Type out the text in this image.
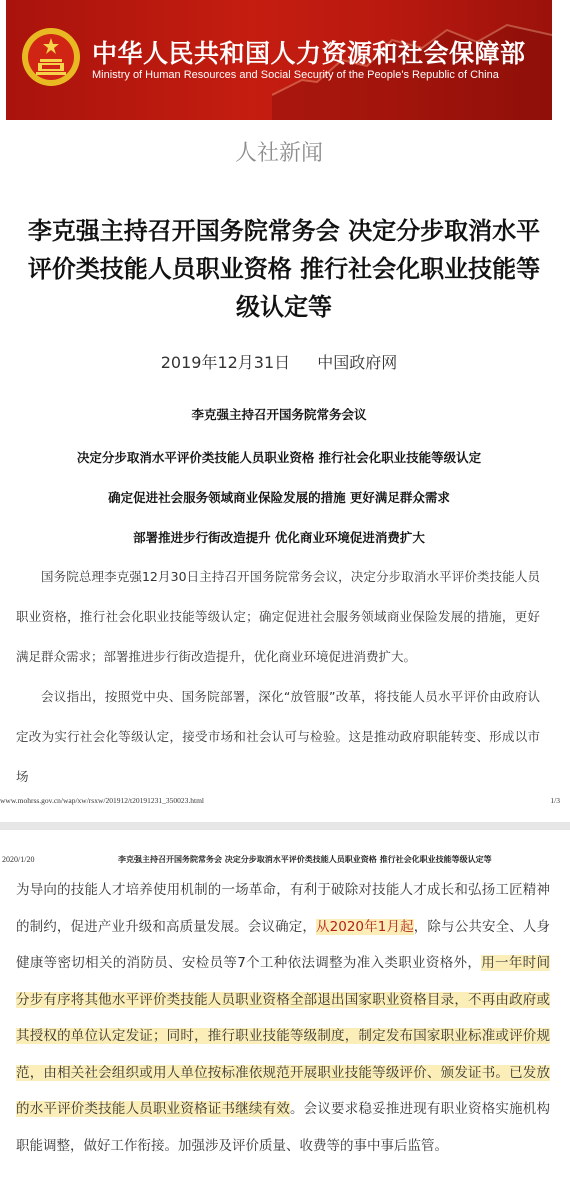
中华人民共和国人力资源和社会保障部
Ministry of Human Resources and Social Security of the People's Republic of China
人社新闻
李克强主持召开国务院常务会 决定分步取消水平评价类技能人员职业资格 推行社会化职业技能等级认定等
2019年12月31日 中国政府网
李克强主持召开国务院常务会议
决定分步取消水平评价类技能人员职业资格 推行社会化职业技能等级认定
确定促进社会服务领域商业保险发展的措施 更好满足群众需求
部署推进步行街改造提升 优化商业环境促进消费扩大
国务院总理李克强12月30日主持召开国务院常务会议，决定分步取消水平评价类技能人员职业资格，推行社会化职业技能等级认定；确定促进社会服务领域商业保险发展的措施，更好满足群众需求；部署推进步行街改造提升，优化商业环境促进消费扩大。
会议指出，按照党中央、国务院部署，深化“放管服”改革，将技能人员水平评价由政府认定改为实行社会化等级认定，接受市场和社会认可与检验。这是推动政府职能转变、形成以市场
www.mohrss.gov.cn/wap/xw/rsxw/201912/t20191231_350023.html	1/3
2020/1/20	李克强主持召开国务院常务会 决定分步取消水平评价类技能人员职业资格 推行社会化职业技能等级认定等
为导向的技能人才培养使用机制的一场革命，有利于破除对技能人才成长和弘扬工匠精神的制约，促进产业升级和高质量发展。会议确定，从2020年1月起，除与公共安全、人身健康等密切相关的消防员、安检员等7个工种依法调整为准入类职业资格外，用一年时间分步有序将其他水平评价类技能人员职业资格全部退出国家职业资格目录，不再由政府或其授权的单位认定发证；同时，推行职业技能等级制度，制定发布国家职业标准或评价规范，由相关社会组织或用人单位按标准依规范开展职业技能等级评价、颁发证书。已发放的水平评价类技能人员职业资格证书继续有效。会议要求稳妥推进现有职业资格实施机构职能调整，做好工作衔接。加强涉及评价质量、收费等的事中事后监管。
